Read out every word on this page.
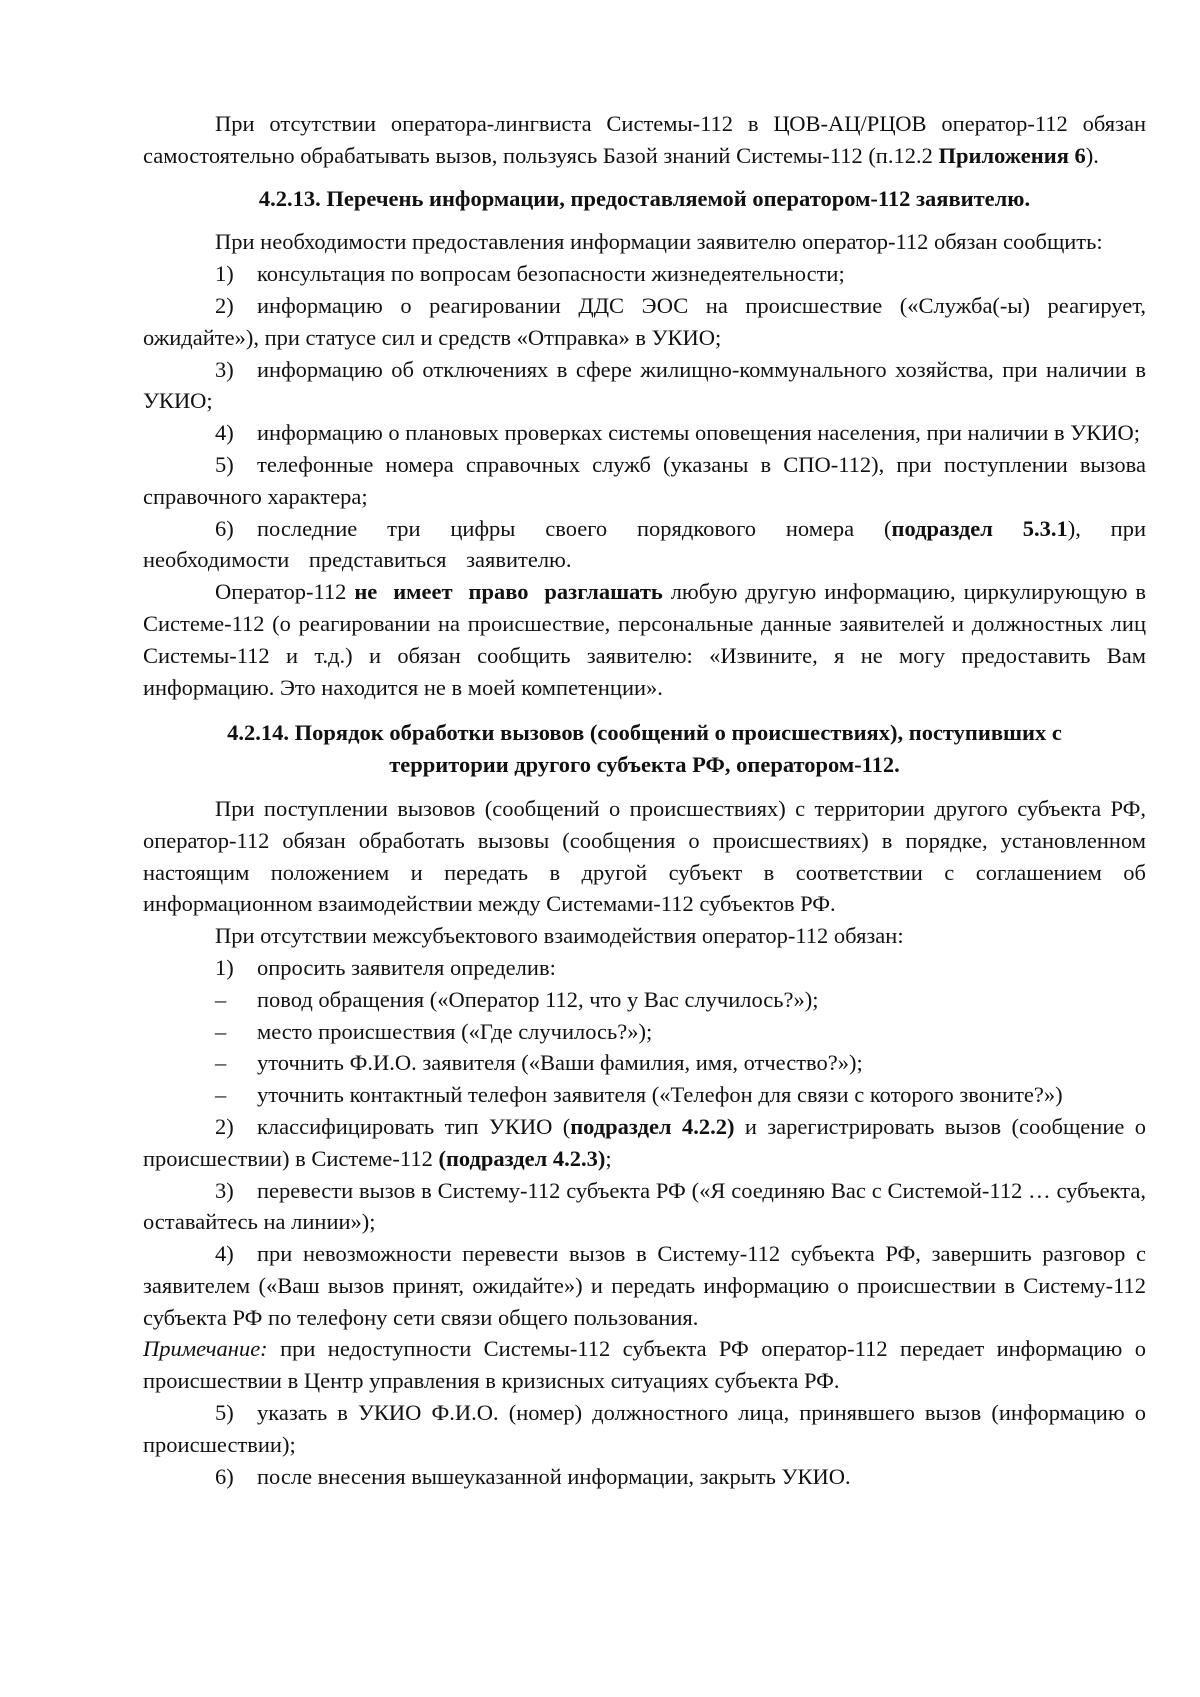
При отсутствии оператора-лингвиста Системы-112 в ЦОВ-АЦ/РЦОВ оператор-112 обязан самостоятельно обрабатывать вызов, пользуясь Базой знаний Системы-112 (п.12.2 Приложения 6).

4.2.13. Перечень информации, предоставляемой оператором-112 заявителю.

При необходимости предоставления информации заявителю оператор-112 обязан сообщить:

1) консультация по вопросам безопасности жизнедеятельности;

2) информацию о реагировании ДДС ЭОС на происшествие («Служба(-ы) реагирует, ожидайте»), при статусе сил и средств «Отправка» в УКИО;

3) информацию об отключениях в сфере жилищно-коммунального хозяйства, при наличии в УКИО;

4) информацию о плановых проверках системы оповещения населения, при наличии в УКИО;

5) телефонные номера справочных служб (указаны в СПО-112), при поступлении вызова справочного характера;

6) последние три цифры своего порядкового номера (подраздел 5.3.1), при необходимости представиться заявителю.

Оператор-112 не имеет право разглашать любую другую информацию, циркулирующую в Системе-112 (о реагировании на происшествие, персональные данные заявителей и должностных лиц Системы-112 и т.д.) и обязан сообщить заявителю: «Извините, я не могу предоставить Вам информацию. Это находится не в моей компетенции».

4.2.14. Порядок обработки вызовов (сообщений о происшествиях), поступивших с
территории другого субъекта РФ, оператором-112.

При поступлении вызовов (сообщений о происшествиях) с территории другого субъекта РФ, оператор-112 обязан обработать вызовы (сообщения о происшествиях) в порядке, установленном настоящим положением и передать в другой субъект в соответствии с соглашением об информационном взаимодействии между Системами-112 субъектов РФ.

При отсутствии межсубъектового взаимодействия оператор-112 обязан:

1) опросить заявителя определив:

– повод обращения («Оператор 112, что у Вас случилось?»);

– место происшествия («Где случилось?»);

– уточнить Ф.И.О. заявителя («Ваши фамилия, имя, отчество?»);

– уточнить контактный телефон заявителя («Телефон для связи с которого звоните?»)

2) классифицировать тип УКИО (подраздел 4.2.2) и зарегистрировать вызов (сообщение о происшествии) в Системе-112 (подраздел 4.2.3);

3) перевести вызов в Систему-112 субъекта РФ («Я соединяю Вас с Системой-112 … субъекта, оставайтесь на линии»);

4) при невозможности перевести вызов в Систему-112 субъекта РФ, завершить разговор с заявителем («Ваш вызов принят, ожидайте») и передать информацию о происшествии в Систему-112 субъекта РФ по телефону сети связи общего пользования.

Примечание: при недоступности Системы-112 субъекта РФ оператор-112 передает информацию о происшествии в Центр управления в кризисных ситуациях субъекта РФ.

5) указать в УКИО Ф.И.О. (номер) должностного лица, принявшего вызов (информацию о происшествии);

6) после внесения вышеуказанной информации, закрыть УКИО.
